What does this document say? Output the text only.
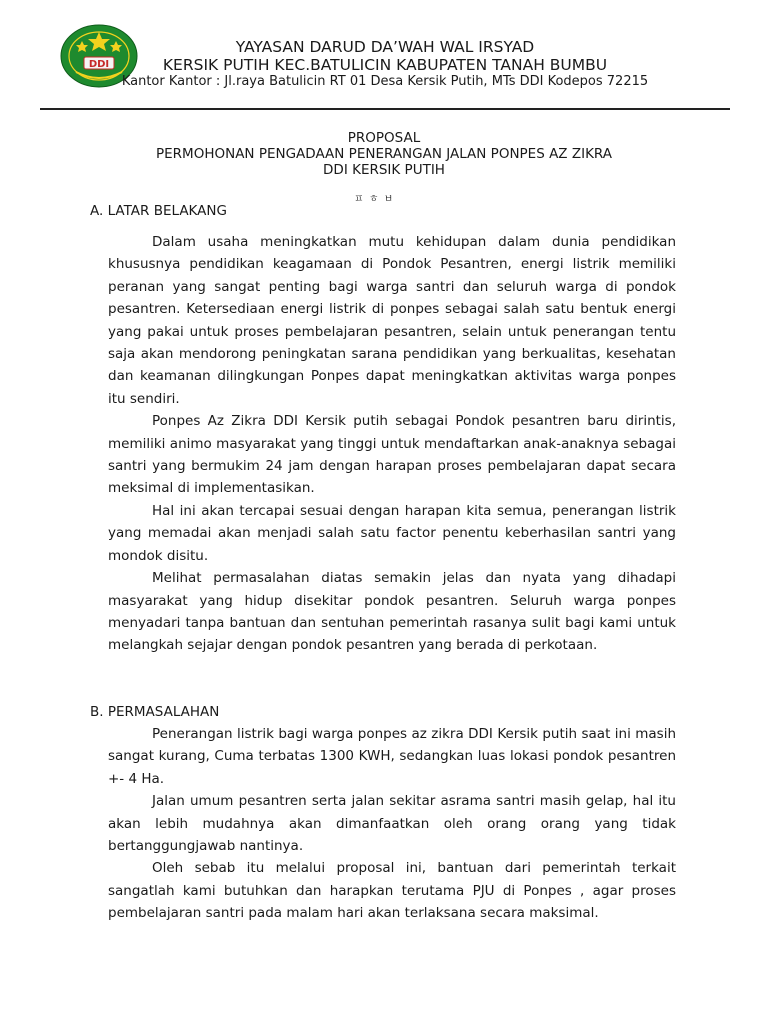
DDI
YAYASAN DARUD DA’WAH WAL IRSYAD
KERSIK PUTIH KEC.BATULICIN KABUPATEN TANAH BUMBU
Kantor Kantor : Jl.raya Batulicin RT 01 Desa Kersik Putih, MTs DDI Kodepos 72215
PROPOSAL
PERMOHONAN PENGADAAN PENERANGAN JALAN PONPES AZ ZIKRA
DDI KERSIK PUTIH
ㅍ ㅎ ㅂ
A. LATAR BELAKANG

Dalam usaha meningkatkan mutu kehidupan dalam dunia pendidikan khususnya pendidikan keagamaan di Pondok Pesantren, energi listrik memiliki peranan yang sangat penting bagi warga santri dan seluruh warga di pondok pesantren. Ketersediaan energi listrik di ponpes sebagai salah satu bentuk energi yang pakai untuk proses pembelajaran pesantren, selain untuk penerangan tentu saja akan mendorong peningkatan sarana pendidikan yang berkualitas, kesehatan dan keamanan dilingkungan Ponpes dapat meningkatkan aktivitas warga ponpes itu sendiri.

Ponpes Az Zikra DDI Kersik putih sebagai Pondok pesantren baru dirintis, memiliki animo masyarakat yang tinggi untuk mendaftarkan anak-anaknya sebagai santri yang bermukim 24 jam dengan harapan proses pembelajaran dapat secara meksimal di implementasikan.

Hal ini akan tercapai sesuai dengan harapan kita semua, penerangan listrik yang memadai akan menjadi salah satu factor penentu keberhasilan santri yang mondok disitu.

Melihat permasalahan diatas semakin jelas dan nyata yang dihadapi masyarakat yang hidup disekitar pondok pesantren. Seluruh warga ponpes menyadari tanpa bantuan dan sentuhan pemerintah rasanya sulit bagi kami untuk melangkah sejajar dengan pondok pesantren yang berada di perkotaan.

B. PERMASALAHAN

Penerangan listrik bagi warga ponpes az zikra DDI Kersik putih saat ini masih sangat kurang, Cuma terbatas 1300 KWH, sedangkan luas lokasi pondok pesantren +- 4 Ha.

Jalan umum pesantren serta jalan sekitar asrama santri masih gelap, hal itu akan lebih mudahnya akan dimanfaatkan oleh orang orang yang tidak bertanggungjawab nantinya.

Oleh sebab itu melalui proposal ini, bantuan dari pemerintah terkait sangatlah kami butuhkan dan harapkan terutama PJU di Ponpes , agar proses pembelajaran santri pada malam hari akan terlaksana secara maksimal.
